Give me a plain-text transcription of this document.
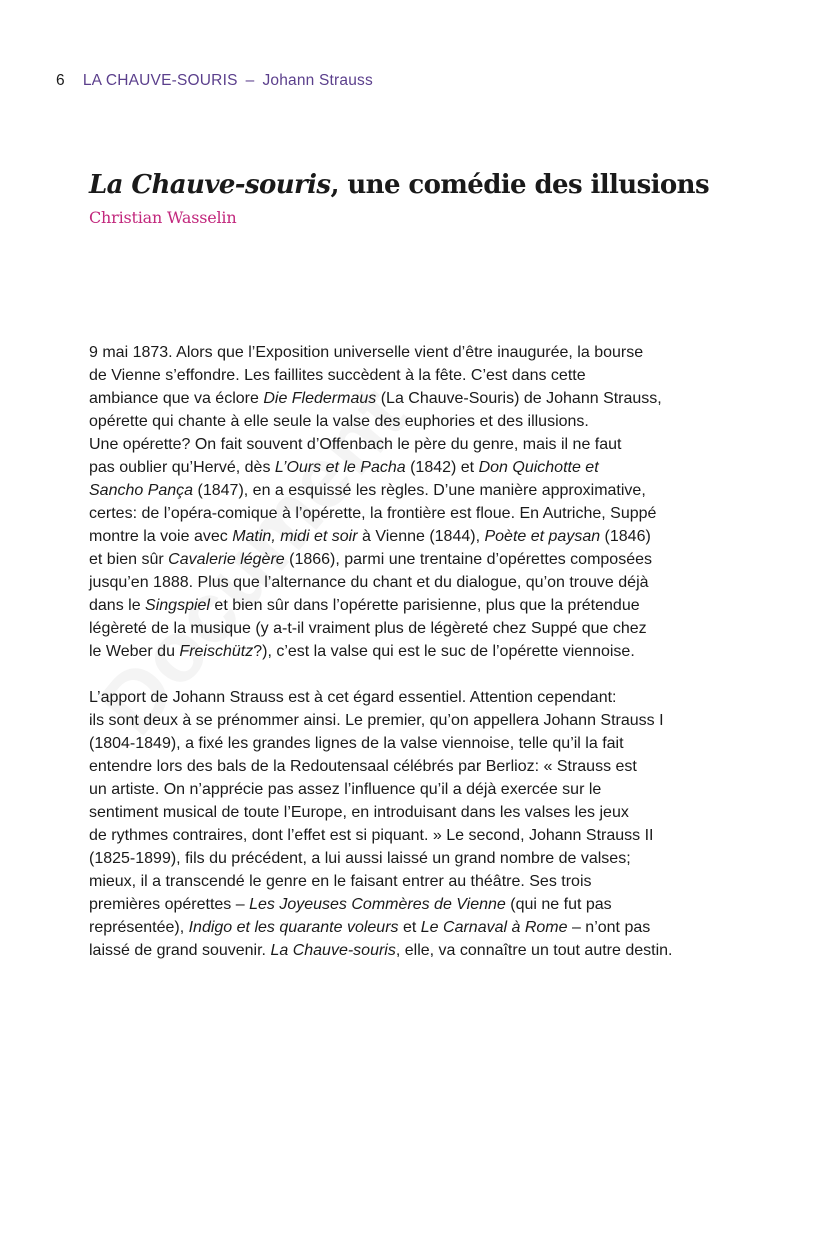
6 LA CHAUVE-SOURIS – Johann Strauss
La Chauve-souris, une comédie des illusions
Christian Wasselin

9 mai 1873. Alors que l’Exposition universelle vient d’être inaugurée, la bourse
de Vienne s’effondre. Les faillites succèdent à la fête. C’est dans cette
ambiance que va éclore Die Fledermaus (La Chauve-Souris) de Johann Strauss,
opérette qui chante à elle seule la valse des euphories et des illusions.
Une opérette? On fait souvent d’Offenbach le père du genre, mais il ne faut
pas oublier qu’Hervé, dès L’Ours et le Pacha (1842) et Don Quichotte et
Sancho Pança (1847), en a esquissé les règles. D’une manière approximative,
certes: de l’opéra-comique à l’opérette, la frontière est floue. En Autriche, Suppé
montre la voie avec Matin, midi et soir à Vienne (1844), Poète et paysan (1846)
et bien sûr Cavalerie légère (1866), parmi une trentaine d’opérettes composées
jusqu’en 1888. Plus que l’alternance du chant et du dialogue, qu’on trouve déjà
dans le Singspiel et bien sûr dans l’opérette parisienne, plus que la prétendue
légèreté de la musique (y a-t-il vraiment plus de légèreté chez Suppé que chez
le Weber du Freischütz?), c’est la valse qui est le suc de l’opérette viennoise.

L’apport de Johann Strauss est à cet égard essentiel. Attention cependant:
ils sont deux à se prénommer ainsi. Le premier, qu’on appellera Johann Strauss I
(1804-1849), a fixé les grandes lignes de la valse viennoise, telle qu’il la fait
entendre lors des bals de la Redoutensaal célébrés par Berlioz: « Strauss est
un artiste. On n’apprécie pas assez l’influence qu’il a déjà exercée sur le
sentiment musical de toute l’Europe, en introduisant dans les valses les jeux
de rythmes contraires, dont l’effet est si piquant. » Le second, Johann Strauss II
(1825-1899), fils du précédent, a lui aussi laissé un grand nombre de valses;
mieux, il a transcendé le genre en le faisant entrer au théâtre. Ses trois
premières opérettes – Les Joyeuses Commères de Vienne (qui ne fut pas
représentée), Indigo et les quarante voleurs et Le Carnaval à Rome – n’ont pas
laissé de grand souvenir. La Chauve-souris, elle, va connaître un tout autre destin.
